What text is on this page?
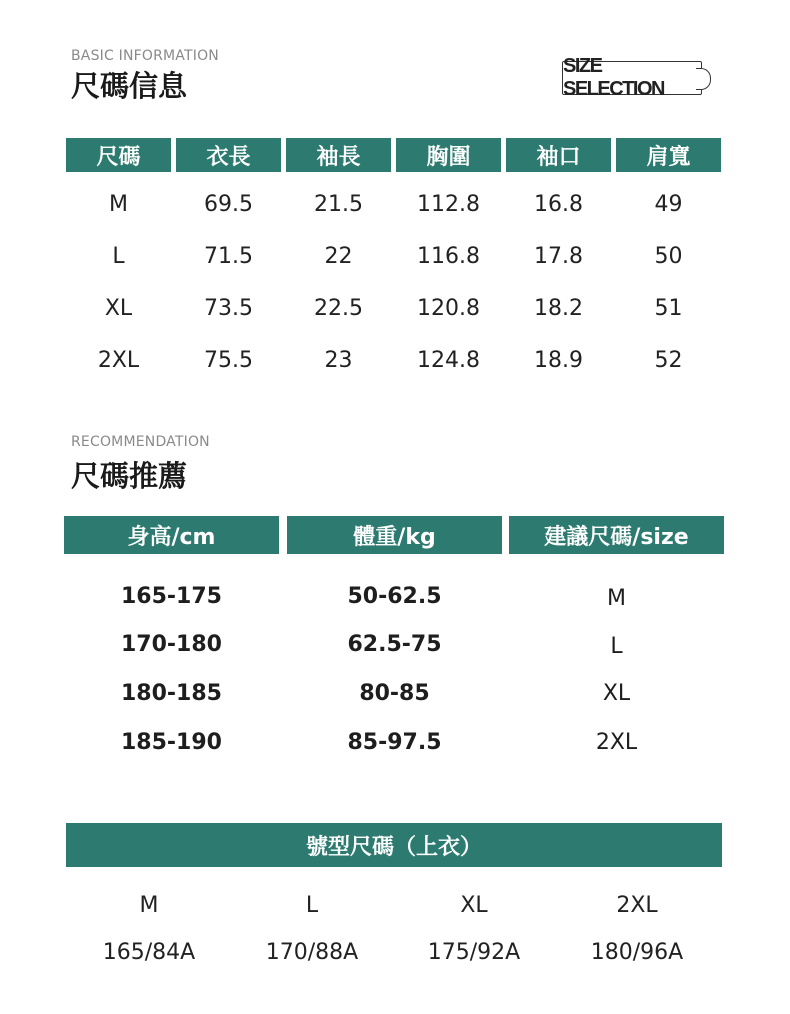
BASIC INFORMATION
尺碼信息
SIZE SELECTION
尺碼	衣長	袖長	胸圍	袖口	肩寬
M	69.5	21.5	112.8	16.8	49
L	71.5	22	116.8	17.8	50
XL	73.5	22.5	120.8	18.2	51
2XL	75.5	23	124.8	18.9	52
RECOMMENDATION
尺碼推薦
身高/cm	體重/kg	建議尺碼/size
165-175	50-62.5	M
170-180	62.5-75	L
180-185	80-85	XL
185-190	85-97.5	2XL
號型尺碼（上衣）
M	L	XL	2XL
165/84A	170/88A	175/92A	180/96A
